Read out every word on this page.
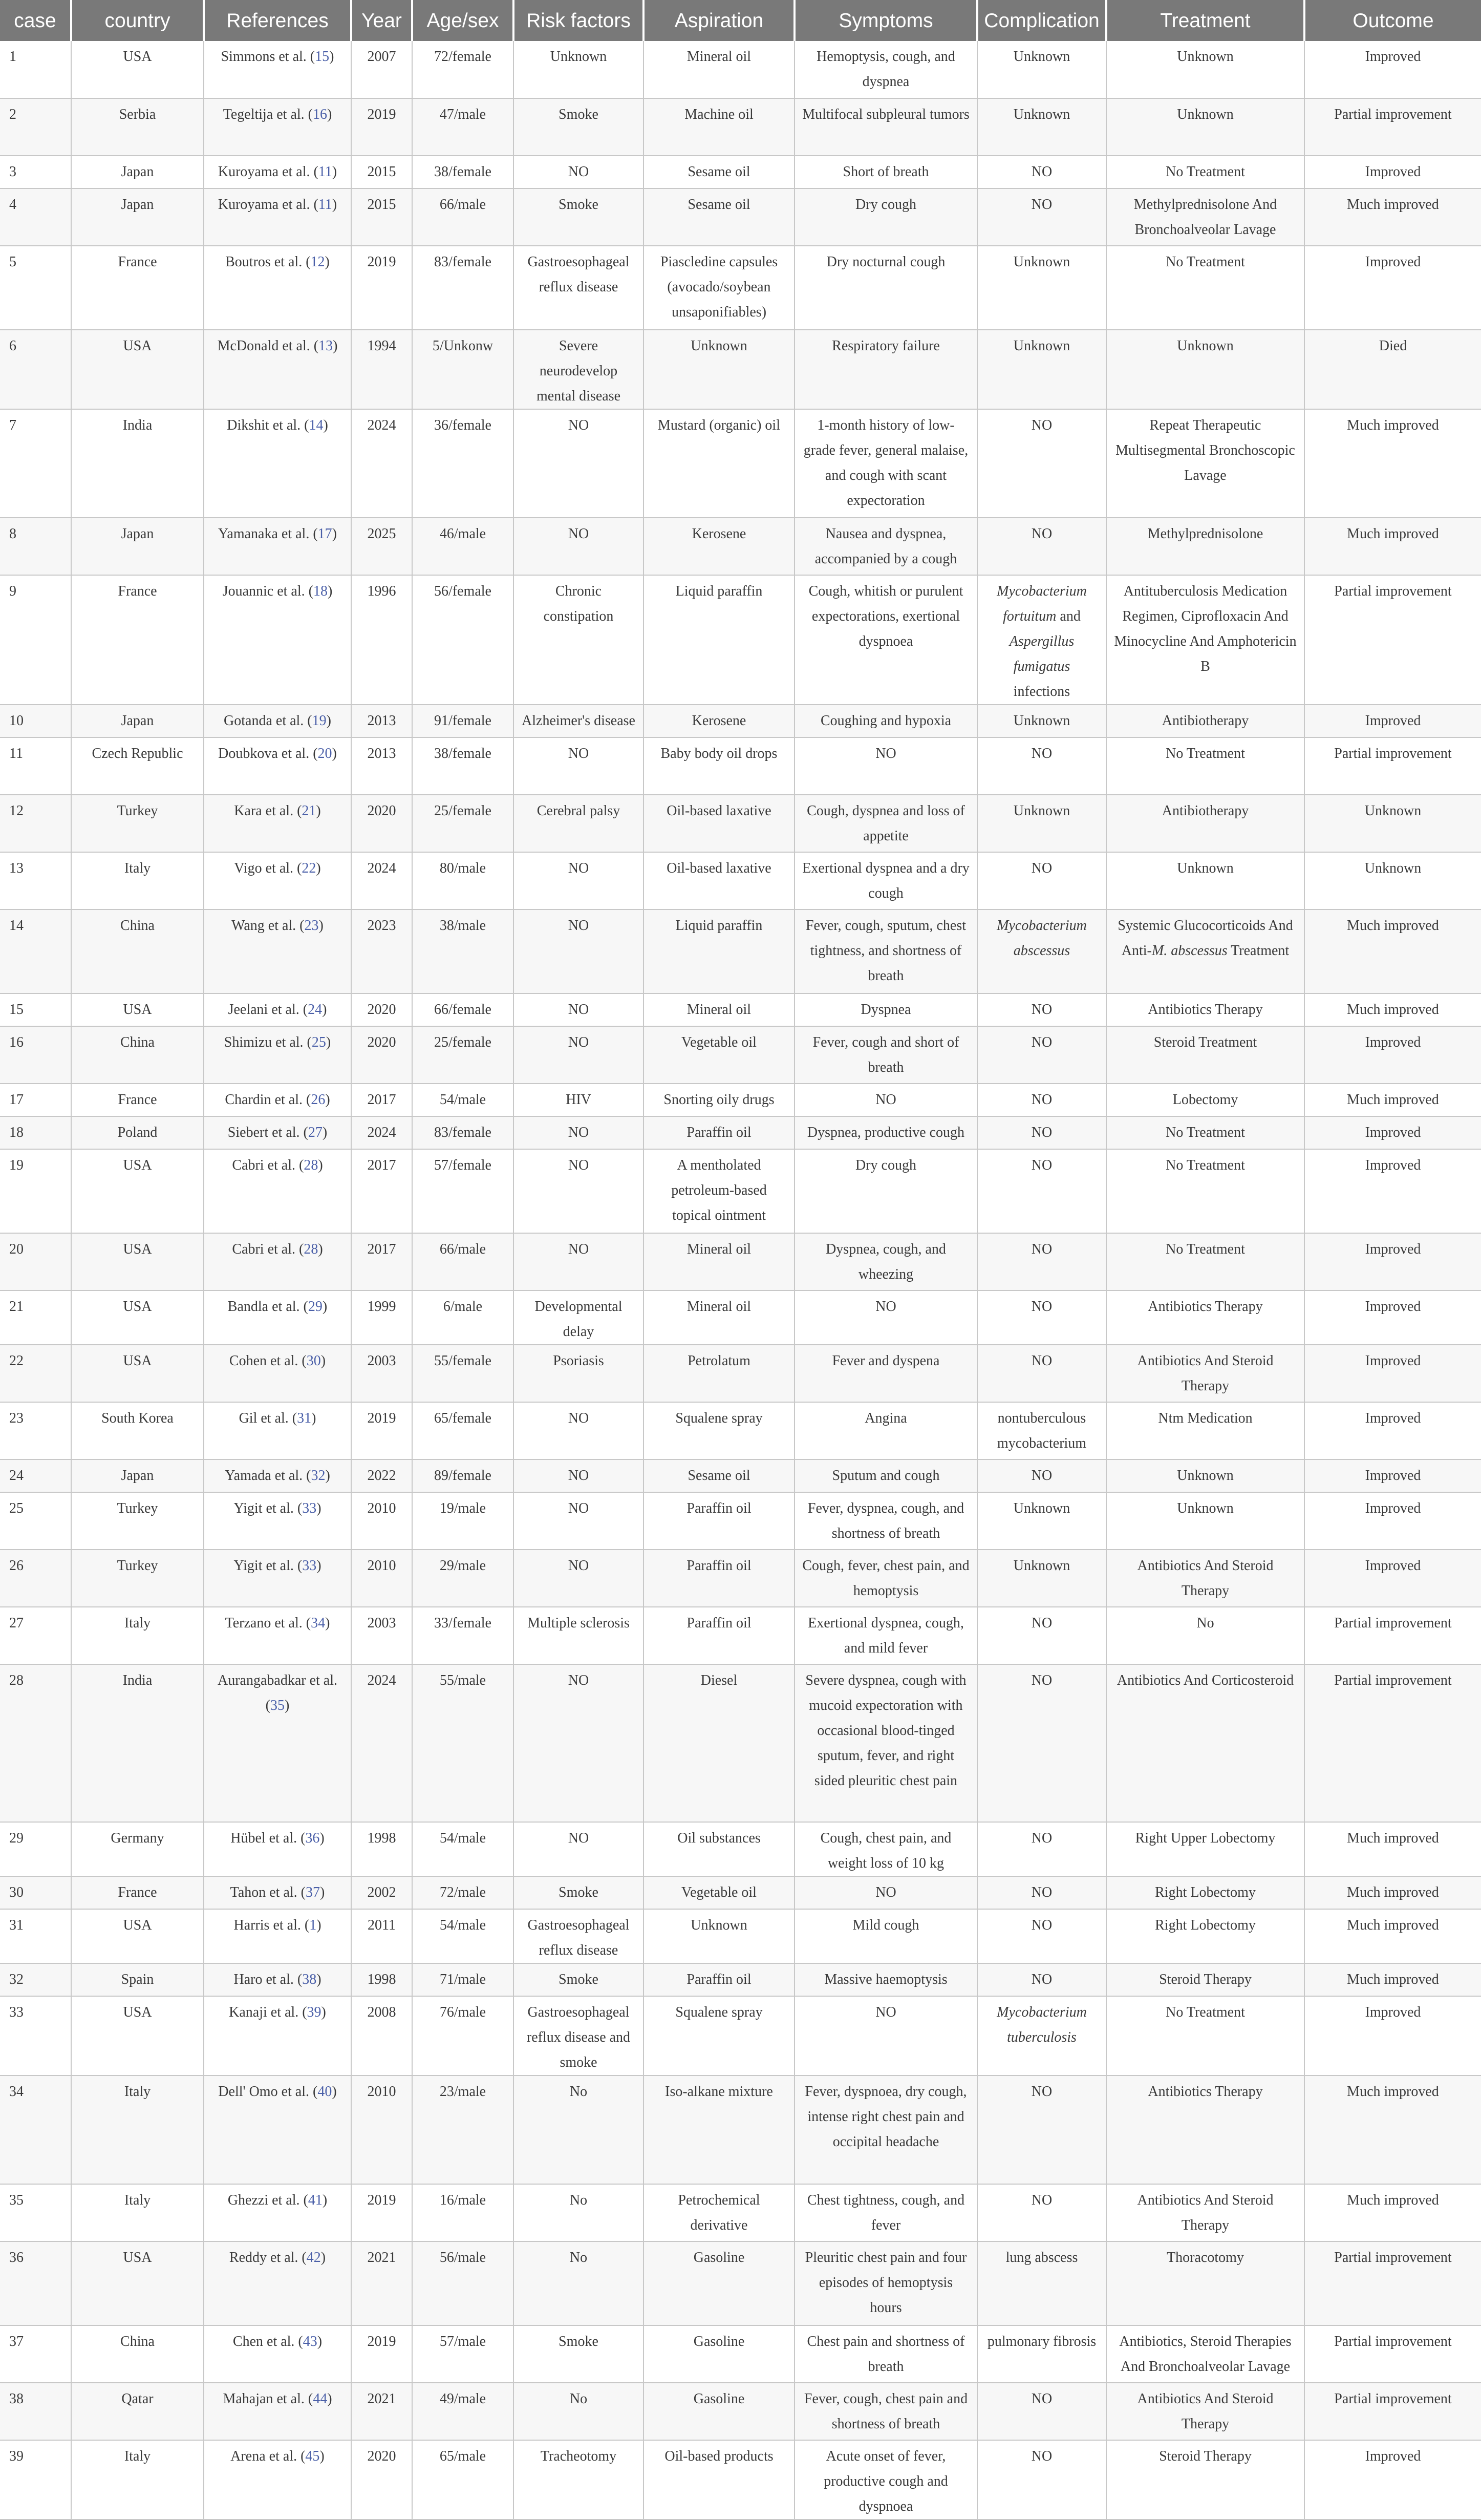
case	country	References	Year	Age/sex	Risk factors	Aspiration	Symptoms	Complication	Treatment	Outcome
1	USA	Simmons et al. (15)	2007	72/female	Unknown	Mineral oil	Hemoptysis, cough, and dyspnea	Unknown	Unknown	Improved
2	Serbia	Tegeltija et al. (16)	2019	47/male	Smoke	Machine oil	Multifocal subpleural tumors	Unknown	Unknown	Partial improvement
3	Japan	Kuroyama et al. (11)	2015	38/female	NO	Sesame oil	Short of breath	NO	No Treatment	Improved
4	Japan	Kuroyama et al. (11)	2015	66/male	Smoke	Sesame oil	Dry cough	NO	Methylprednisolone And Bronchoalveolar Lavage	Much improved
5	France	Boutros et al. (12)	2019	83/female	Gastroesophageal reflux disease	Piascledine capsules (avocado/soybean unsaponifiables)	Dry nocturnal cough	Unknown	No Treatment	Improved
6	USA	McDonald et al. (13)	1994	5/Unkonw	Severe neurodevelop mental disease	Unknown	Respiratory failure	Unknown	Unknown	Died
7	India	Dikshit et al. (14)	2024	36/female	NO	Mustard (organic) oil	1-month history of low-grade fever, general malaise, and cough with scant expectoration	NO	Repeat Therapeutic Multisegmental Bronchoscopic Lavage	Much improved
8	Japan	Yamanaka et al. (17)	2025	46/male	NO	Kerosene	Nausea and dyspnea, accompanied by a cough	NO	Methylprednisolone	Much improved
9	France	Jouannic et al. (18)	1996	56/female	Chronic constipation	Liquid paraffin	Cough, whitish or purulent expectorations, exertional dyspnoea	Mycobacterium fortuitum and Aspergillus fumigatus infections	Antituberculosis Medication Regimen, Ciprofloxacin And Minocycline And Amphotericin B	Partial improvement
10	Japan	Gotanda et al. (19)	2013	91/female	Alzheimer's disease	Kerosene	Coughing and hypoxia	Unknown	Antibiotherapy	Improved
11	Czech Republic	Doubkova et al. (20)	2013	38/female	NO	Baby body oil drops	NO	NO	No Treatment	Partial improvement
12	Turkey	Kara et al. (21)	2020	25/female	Cerebral palsy	Oil-based laxative	Cough, dyspnea and loss of appetite	Unknown	Antibiotherapy	Unknown
13	Italy	Vigo et al. (22)	2024	80/male	NO	Oil-based laxative	Exertional dyspnea and a dry cough	NO	Unknown	Unknown
14	China	Wang et al. (23)	2023	38/male	NO	Liquid paraffin	Fever, cough, sputum, chest tightness, and shortness of breath	Mycobacterium abscessus	Systemic Glucocorticoids And Anti-M. abscessus Treatment	Much improved
15	USA	Jeelani et al. (24)	2020	66/female	NO	Mineral oil	Dyspnea	NO	Antibiotics Therapy	Much improved
16	China	Shimizu et al. (25)	2020	25/female	NO	Vegetable oil	Fever, cough and short of breath	NO	Steroid Treatment	Improved
17	France	Chardin et al. (26)	2017	54/male	HIV	Snorting oily drugs	NO	NO	Lobectomy	Much improved
18	Poland	Siebert et al. (27)	2024	83/female	NO	Paraffin oil	Dyspnea, productive cough	NO	No Treatment	Improved
19	USA	Cabri et al. (28)	2017	57/female	NO	A mentholated petroleum-based topical ointment	Dry cough	NO	No Treatment	Improved
20	USA	Cabri et al. (28)	2017	66/male	NO	Mineral oil	Dyspnea, cough, and wheezing	NO	No Treatment	Improved
21	USA	Bandla et al. (29)	1999	6/male	Developmental delay	Mineral oil	NO	NO	Antibiotics Therapy	Improved
22	USA	Cohen et al. (30)	2003	55/female	Psoriasis	Petrolatum	Fever and dyspena	NO	Antibiotics And Steroid Therapy	Improved
23	South Korea	Gil et al. (31)	2019	65/female	NO	Squalene spray	Angina	nontuberculous mycobacterium	Ntm Medication	Improved
24	Japan	Yamada et al. (32)	2022	89/female	NO	Sesame oil	Sputum and cough	NO	Unknown	Improved
25	Turkey	Yigit et al. (33)	2010	19/male	NO	Paraffin oil	Fever, dyspnea, cough, and shortness of breath	Unknown	Unknown	Improved
26	Turkey	Yigit et al. (33)	2010	29/male	NO	Paraffin oil	Cough, fever, chest pain, and hemoptysis	Unknown	Antibiotics And Steroid Therapy	Improved
27	Italy	Terzano et al. (34)	2003	33/female	Multiple sclerosis	Paraffin oil	Exertional dyspnea, cough, and mild fever	NO	No	Partial improvement
28	India	Aurangabadkar et al. (35)	2024	55/male	NO	Diesel	Severe dyspnea, cough with mucoid expectoration with occasional blood-tinged sputum, fever, and right sided pleuritic chest pain	NO	Antibiotics And Corticosteroid	Partial improvement
29	Germany	Hübel et al. (36)	1998	54/male	NO	Oil substances	Cough, chest pain, and weight loss of 10 kg	NO	Right Upper Lobectomy	Much improved
30	France	Tahon et al. (37)	2002	72/male	Smoke	Vegetable oil	NO	NO	Right Lobectomy	Much improved
31	USA	Harris et al. (1)	2011	54/male	Gastroesophageal reflux disease	Unknown	Mild cough	NO	Right Lobectomy	Much improved
32	Spain	Haro et al. (38)	1998	71/male	Smoke	Paraffin oil	Massive haemoptysis	NO	Steroid Therapy	Much improved
33	USA	Kanaji et al. (39)	2008	76/male	Gastroesophageal reflux disease and smoke	Squalene spray	NO	Mycobacterium tuberculosis	No Treatment	Improved
34	Italy	Dell' Omo et al. (40)	2010	23/male	No	Iso-alkane mixture	Fever, dyspnoea, dry cough, intense right chest pain and occipital headache	NO	Antibiotics Therapy	Much improved
35	Italy	Ghezzi et al. (41)	2019	16/male	No	Petrochemical derivative	Chest tightness, cough, and fever	NO	Antibiotics And Steroid Therapy	Much improved
36	USA	Reddy et al. (42)	2021	56/male	No	Gasoline	Pleuritic chest pain and four episodes of hemoptysis hours	lung abscess	Thoracotomy	Partial improvement
37	China	Chen et al. (43)	2019	57/male	Smoke	Gasoline	Chest pain and shortness of breath	pulmonary fibrosis	Antibiotics, Steroid Therapies And Bronchoalveolar Lavage	Partial improvement
38	Qatar	Mahajan et al. (44)	2021	49/male	No	Gasoline	Fever, cough, chest pain and shortness of breath	NO	Antibiotics And Steroid Therapy	Partial improvement
39	Italy	Arena et al. (45)	2020	65/male	Tracheotomy	Oil-based products	Acute onset of fever, productive cough and dyspnoea	NO	Steroid Therapy	Improved
